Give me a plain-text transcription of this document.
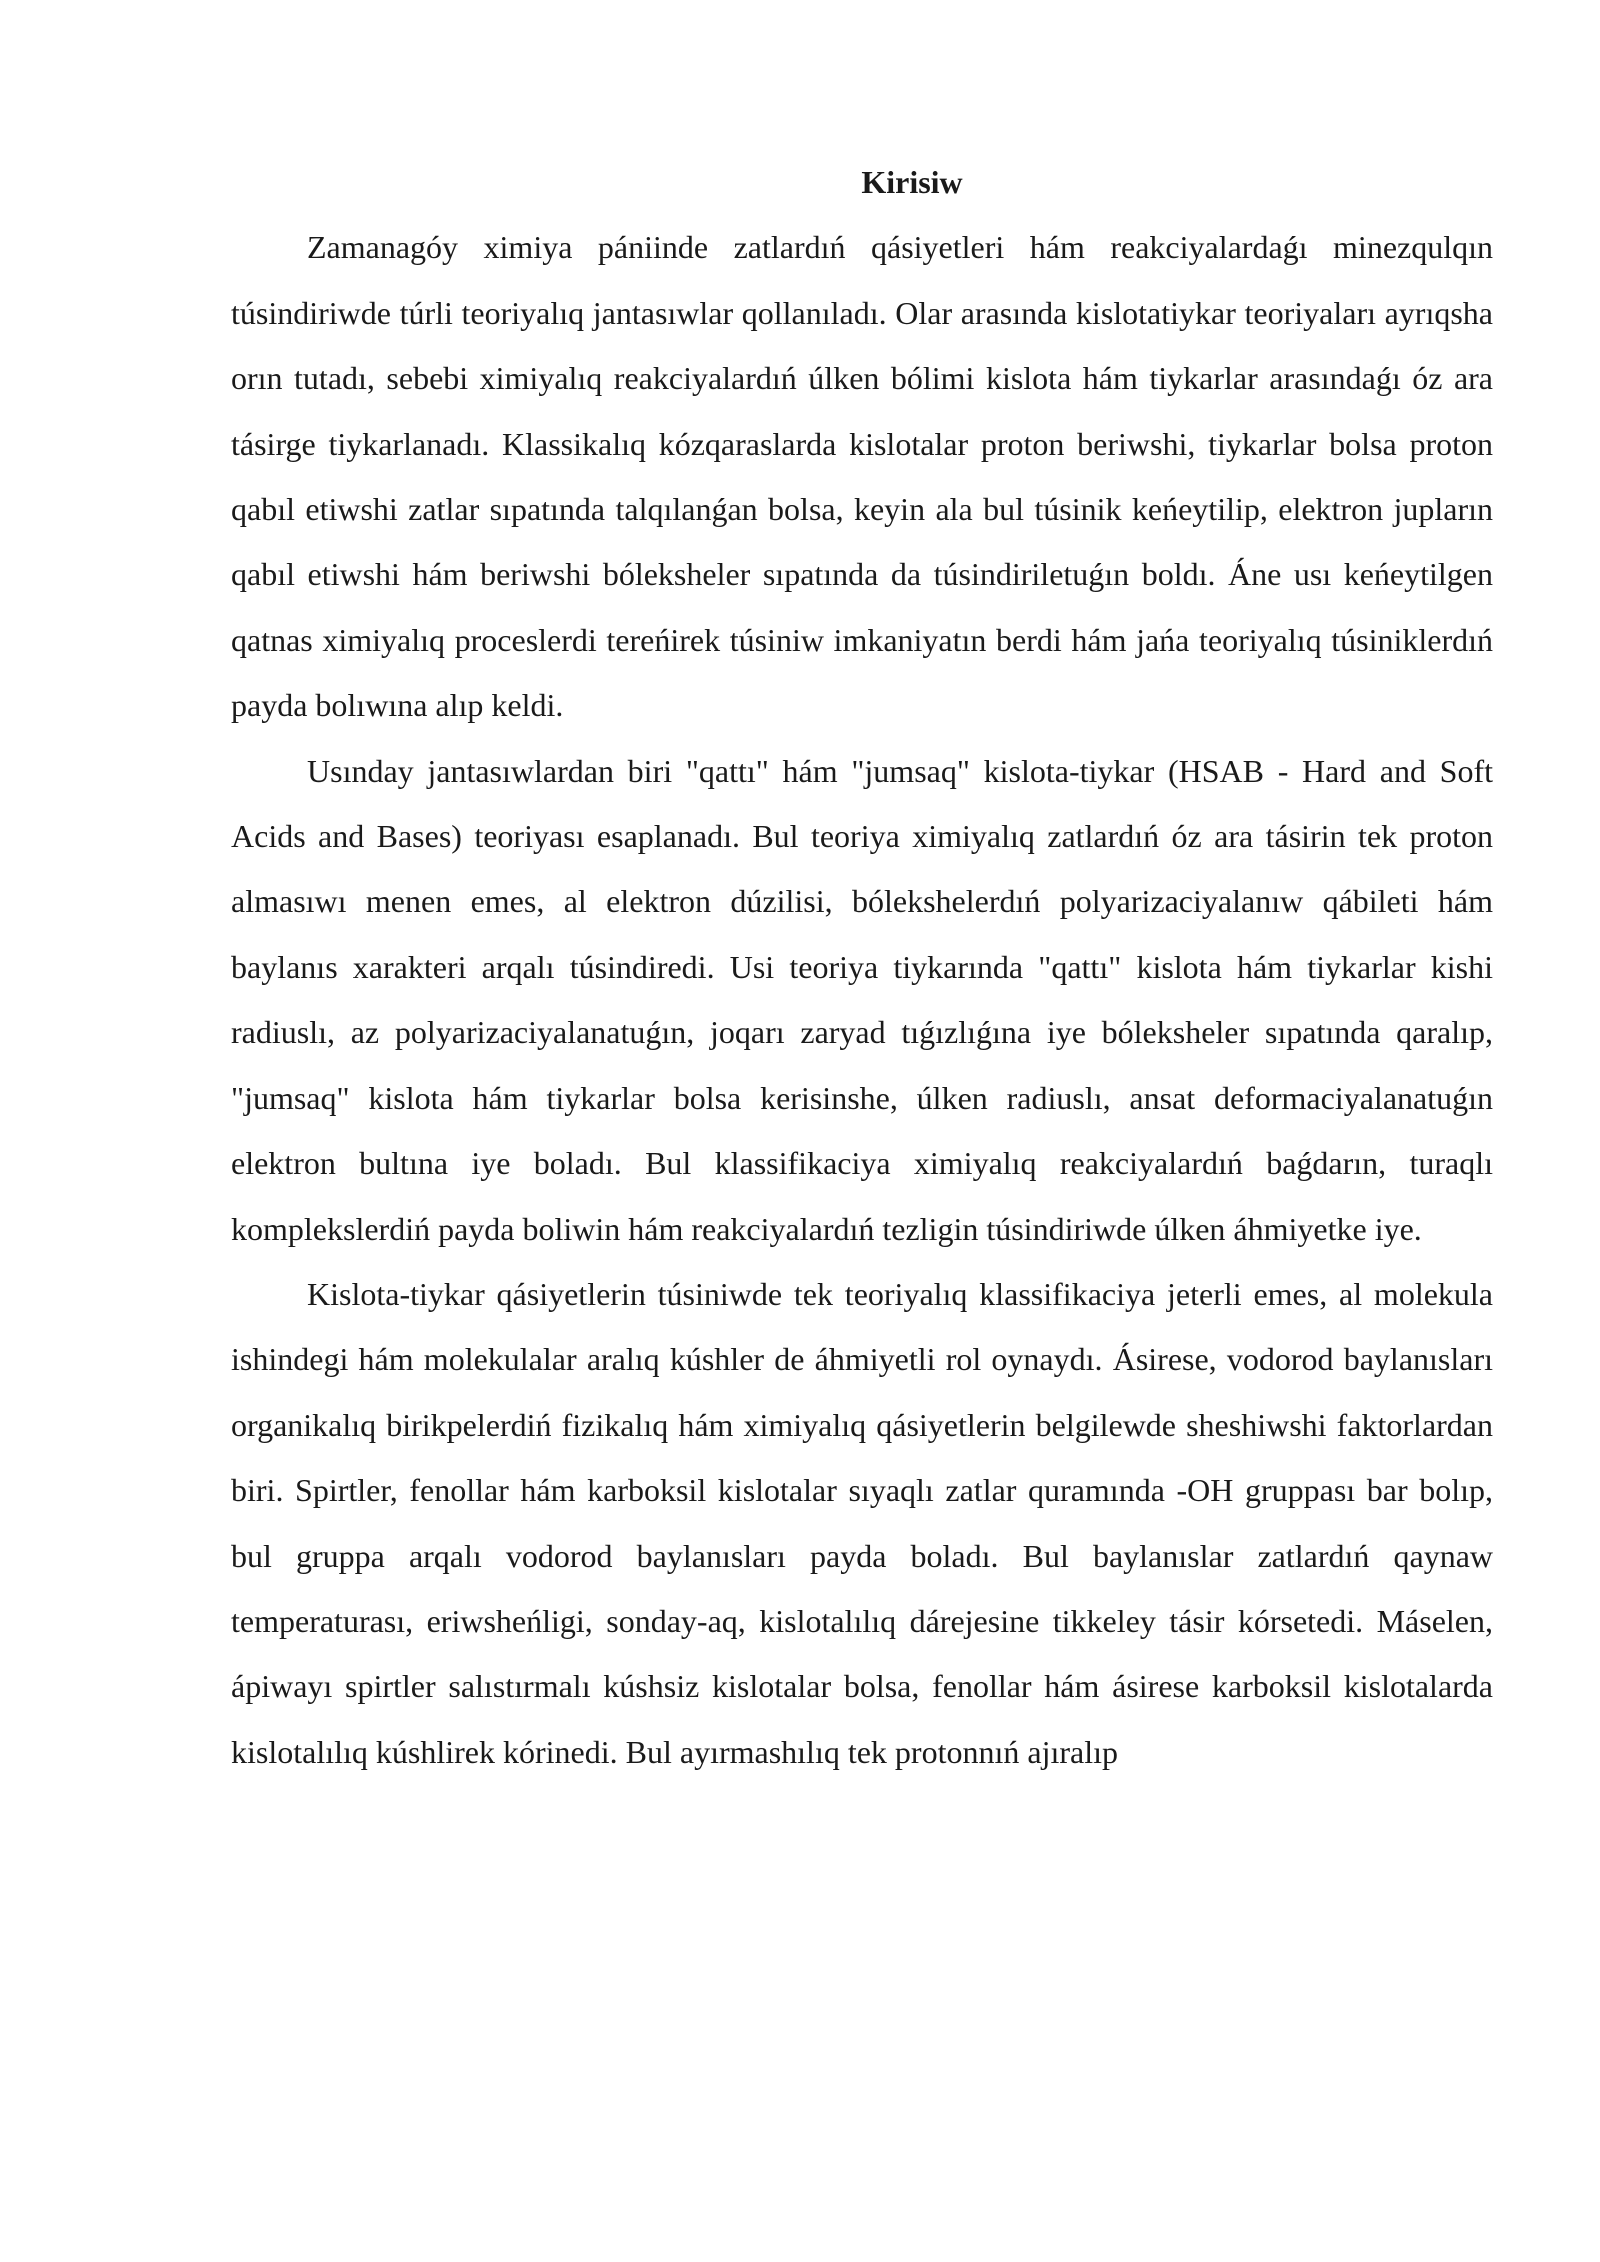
Kirisiw

Zamanagóy ximiya pániinde zatlardıń qásiyetleri hám reakciyalardaǵı minezqulqın túsindiriwde túrli teoriyalıq jantasıwlar qollanıladı. Olar arasında kislotatiykar teoriyaları ayrıqsha orın tutadı, sebebi ximiyalıq reakciyalardıń úlken bólimi kislota hám tiykarlar arasındaǵı óz ara tásirge tiykarlanadı. Klassikalıq kózqaraslarda kislotalar proton beriwshi, tiykarlar bolsa proton qabıl etiwshi zatlar sıpatında talqılanǵan bolsa, keyin ala bul túsinik keńeytilip, elektron jupların qabıl etiwshi hám beriwshi bóleksheler sıpatında da túsindiriletuǵın boldı. Áne usı keńeytilgen qatnas ximiyalıq proceslerdi tereńirek túsiniw imkaniyatın berdi hám jańa teoriyalıq túsiniklerdıń payda bolıwına alıp keldi.

Usınday jantasıwlardan biri "qattı" hám "jumsaq" kislota-tiykar (HSAB - Hard and Soft Acids and Bases) teoriyası esaplanadı. Bul teoriya ximiyalıq zatlardıń óz ara tásirin tek proton almasıwı menen emes, al elektron dúzilisi, bólekshelerdıń polyarizaciyalanıw qábileti hám baylanıs xarakteri arqalı túsindiredi. Usi teoriya tiykarında "qattı" kislota hám tiykarlar kishi radiuslı, az polyarizaciyalanatuǵın, joqarı zaryad tıǵızlıǵına iye bóleksheler sıpatında qaralıp, "jumsaq" kislota hám tiykarlar bolsa kerisinshe, úlken radiuslı, ansat deformaciyalanatuǵın elektron bultına iye boladı. Bul klassifikaciya ximiyalıq reakciyalardıń baǵdarın, turaqlı komplekslerdiń payda boliwin hám reakciyalardıń tezligin túsindiriwde úlken áhmiyetke iye.

Kislota-tiykar qásiyetlerin túsiniwde tek teoriyalıq klassifikaciya jeterli emes, al molekula ishindegi hám molekulalar aralıq kúshler de áhmiyetli rol oynaydı. Ásirese, vodorod baylanısları organikalıq birikpelerdiń fizikalıq hám ximiyalıq qásiyetlerin belgilewde sheshiwshi faktorlardan biri. Spirtler, fenollar hám karboksil kislotalar sıyaqlı zatlar quramında -OH gruppası bar bolıp, bul gruppa arqalı vodorod baylanısları payda boladı. Bul baylanıslar zatlardıń qaynaw temperaturası, eriwsheńligi, sonday-aq, kislotalılıq dárejesine tikkeley tásir kórsetedi. Máselen, ápiwayı spirtler salıstırmalı kúshsiz kislotalar bolsa, fenollar hám ásirese karboksil kislotalarda kislotalılıq kúshlirek kórinedi. Bul ayırmashılıq tek protonnıń ajıralıp
